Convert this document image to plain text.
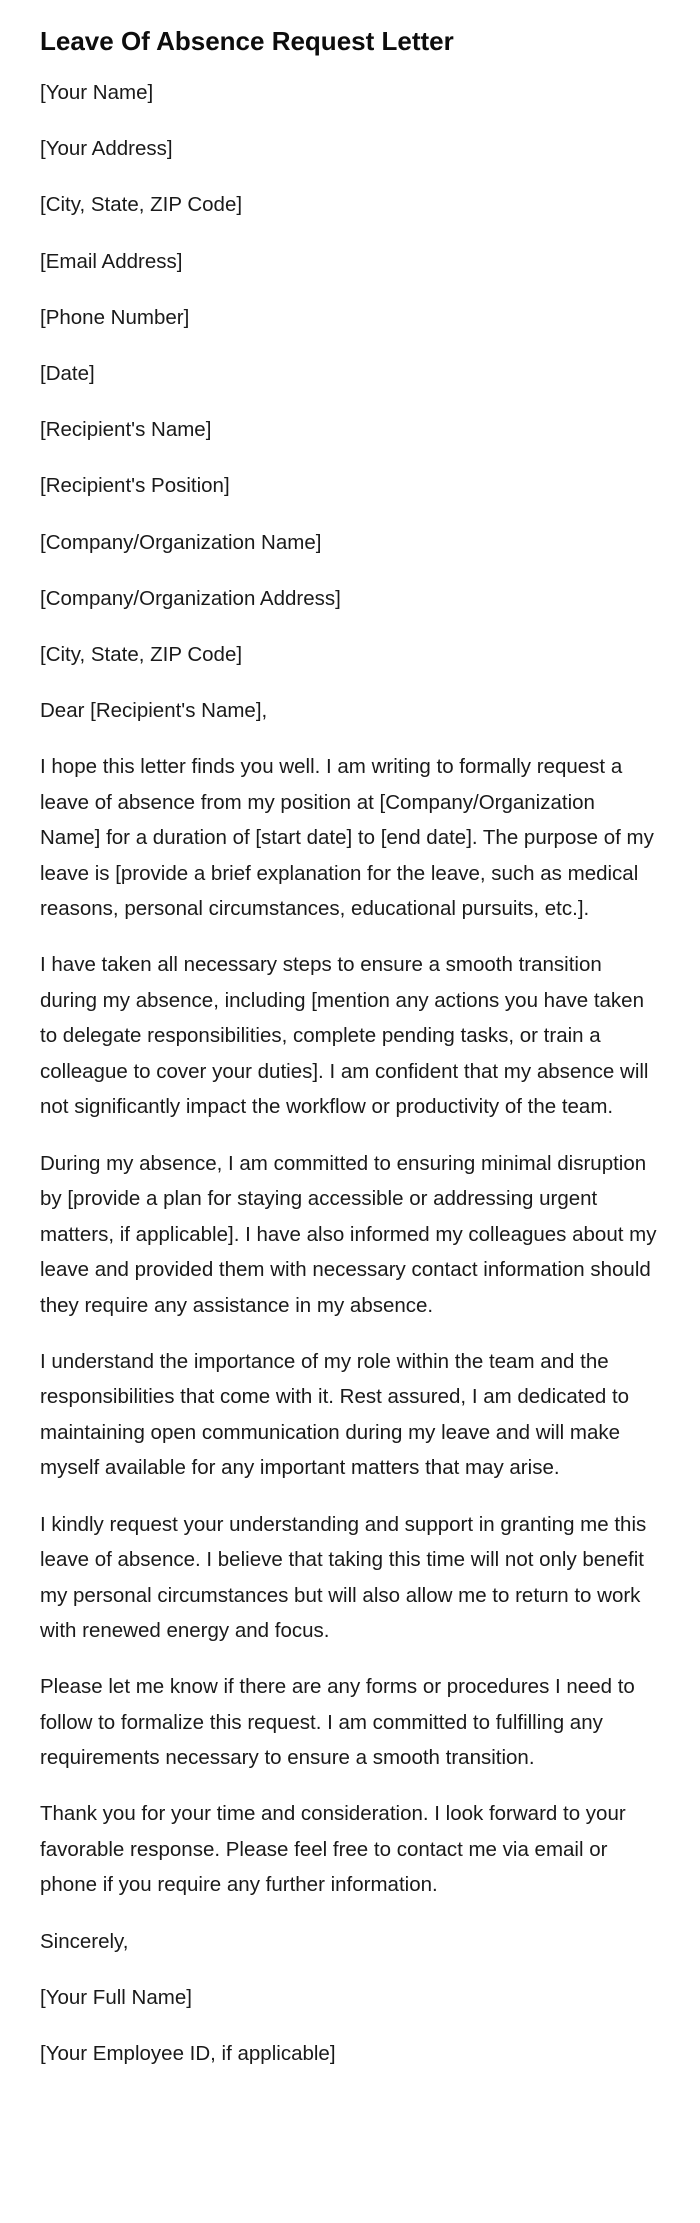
Leave Of Absence Request Letter

[Your Name]

[Your Address]

[City, State, ZIP Code]

[Email Address]

[Phone Number]

[Date]

[Recipient's Name]

[Recipient's Position]

[Company/Organization Name]

[Company/Organization Address]

[City, State, ZIP Code]

Dear [Recipient's Name],

I hope this letter finds you well. I am writing to formally request a leave of absence from my position at [Company/Organization Name] for a duration of [start date] to [end date]. The purpose of my leave is [provide a brief explanation for the leave, such as medical reasons, personal circumstances, educational pursuits, etc.].

I have taken all necessary steps to ensure a smooth transition during my absence, including [mention any actions you have taken to delegate responsibilities, complete pending tasks, or train a colleague to cover your duties]. I am confident that my absence will not significantly impact the workflow or productivity of the team.

During my absence, I am committed to ensuring minimal disruption by [provide a plan for staying accessible or addressing urgent matters, if applicable]. I have also informed my colleagues about my leave and provided them with necessary contact information should they require any assistance in my absence.

I understand the importance of my role within the team and the responsibilities that come with it. Rest assured, I am dedicated to maintaining open communication during my leave and will make myself available for any important matters that may arise.

I kindly request your understanding and support in granting me this leave of absence. I believe that taking this time will not only benefit my personal circumstances but will also allow me to return to work with renewed energy and focus.

Please let me know if there are any forms or procedures I need to follow to formalize this request. I am committed to fulfilling any requirements necessary to ensure a smooth transition.

Thank you for your time and consideration. I look forward to your favorable response. Please feel free to contact me via email or phone if you require any further information.

Sincerely,

[Your Full Name]

[Your Employee ID, if applicable]
